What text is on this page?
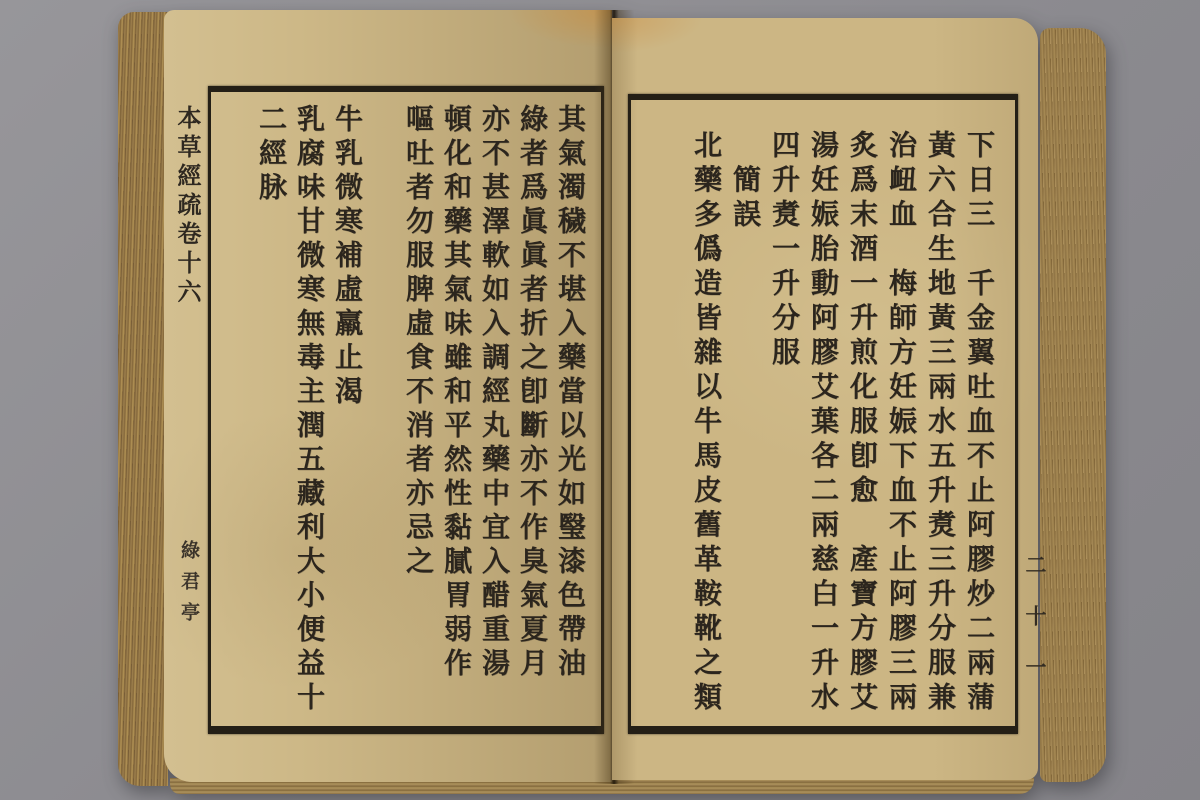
本草經疏卷十六
綠君亭	其氣濁穢不堪入藥當以光如瑿漆色帶油
綠者爲眞眞者折之卽斷亦不作臭氣夏月
亦不甚澤軟如入調經丸藥中宜入醋重湯
頓化和藥其氣味雖和平然性黏膩胃弱作
嘔吐者勿服脾虛食不消者亦忌之
牛乳微寒補虛羸止渴
乳腐味甘微寒無毒主潤五藏利大小便益十
二經脉	下日三　千金翼吐血不止阿膠炒二兩蒲
黃六合生地黃三兩水五升煑三升分服兼
治衄血　梅師方妊娠下血不止阿膠三兩
炙爲末酒一升煎化服卽愈　產寶方膠艾
湯妊娠胎動阿膠艾葉各二兩慈白一升水
四升煑一升分服
　簡誤
北藥多僞造皆雜以牛馬皮舊革鞍靴之類	二十一
